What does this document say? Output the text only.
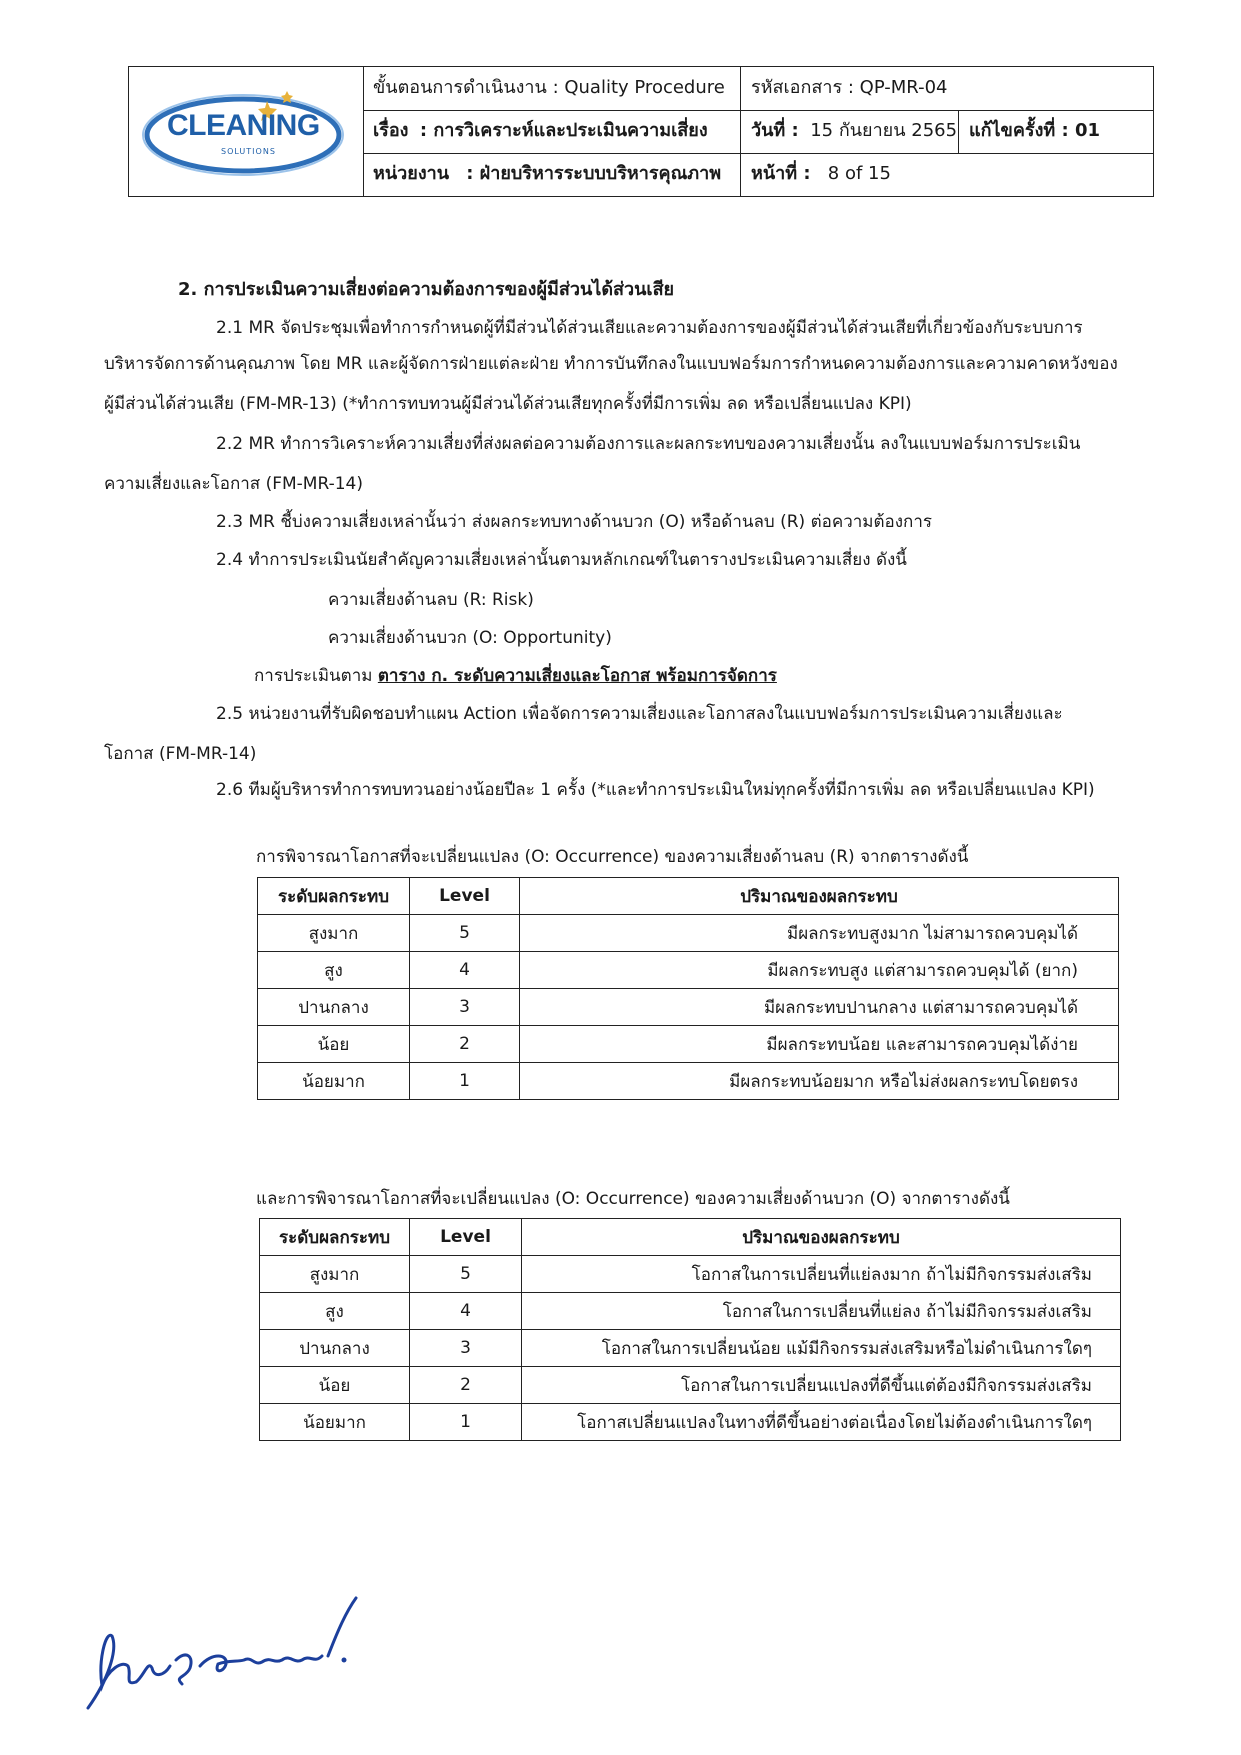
CLEANING
SOLUTIONS
ขั้นตอนการดำเนินงาน : Quality Procedure	รหัสเอกสาร : QP-MR-04
เรื่อง : การวิเคราะห์และประเมินความเสี่ยง	วันที่ : 15 กันยายน 2565 แก้ไขครั้งที่ : 01
หน่วยงาน : ฝ่ายบริหารระบบบริหารคุณภาพ	หน้าที่ : 8 of 15
2. การประเมินความเสี่ยงต่อความต้องการของผู้มีส่วนได้ส่วนเสีย
2.1 MR จัดประชุมเพื่อทำการกำหนดผู้ที่มีส่วนได้ส่วนเสียและความต้องการของผู้มีส่วนได้ส่วนเสียที่เกี่ยวข้องกับระบบการ
บริหารจัดการด้านคุณภาพ โดย MR และผู้จัดการฝ่ายแต่ละฝ่าย ทำการบันทึกลงในแบบฟอร์มการกำหนดความต้องการและความคาดหวังของ
ผู้มีส่วนได้ส่วนเสีย (FM-MR-13) (*ทำการทบทวนผู้มีส่วนได้ส่วนเสียทุกครั้งที่มีการเพิ่ม ลด หรือเปลี่ยนแปลง KPI)
2.2 MR ทำการวิเคราะห์ความเสี่ยงที่ส่งผลต่อความต้องการและผลกระทบของความเสี่ยงนั้น ลงในแบบฟอร์มการประเมิน
ความเสี่ยงและโอกาส (FM-MR-14)
2.3 MR ชี้บ่งความเสี่ยงเหล่านั้นว่า ส่งผลกระทบทางด้านบวก (O) หรือด้านลบ (R) ต่อความต้องการ
2.4 ทำการประเมินนัยสำคัญความเสี่ยงเหล่านั้นตามหลักเกณฑ์ในตารางประเมินความเสี่ยง ดังนี้
ความเสี่ยงด้านลบ (R: Risk)
ความเสี่ยงด้านบวก (O: Opportunity)
การประเมินตาม ตาราง ก. ระดับความเสี่ยงและโอกาส พร้อมการจัดการ
2.5 หน่วยงานที่รับผิดชอบทำแผน Action เพื่อจัดการความเสี่ยงและโอกาสลงในแบบฟอร์มการประเมินความเสี่ยงและ
โอกาส (FM-MR-14)
2.6 ทีมผู้บริหารทำการทบทวนอย่างน้อยปีละ 1 ครั้ง (*และทำการประเมินใหม่ทุกครั้งที่มีการเพิ่ม ลด หรือเปลี่ยนแปลง KPI)
การพิจารณาโอกาสที่จะเปลี่ยนแปลง (O: Occurrence) ของความเสี่ยงด้านลบ (R) จากตารางดังนี้
ระดับผลกระทบ	Level	ปริมาณของผลกระทบ
สูงมาก	5	มีผลกระทบสูงมาก ไม่สามารถควบคุมได้
สูง	4	มีผลกระทบสูง แต่สามารถควบคุมได้ (ยาก)
ปานกลาง	3	มีผลกระทบปานกลาง แต่สามารถควบคุมได้
น้อย	2	มีผลกระทบน้อย และสามารถควบคุมได้ง่าย
น้อยมาก	1	มีผลกระทบน้อยมาก หรือไม่ส่งผลกระทบโดยตรง
และการพิจารณาโอกาสที่จะเปลี่ยนแปลง (O: Occurrence) ของความเสี่ยงด้านบวก (O) จากตารางดังนี้
ระดับผลกระทบ	Level	ปริมาณของผลกระทบ
สูงมาก	5	โอกาสในการเปลี่ยนที่แย่ลงมาก ถ้าไม่มีกิจกรรมส่งเสริม
สูง	4	โอกาสในการเปลี่ยนที่แย่ลง ถ้าไม่มีกิจกรรมส่งเสริม
ปานกลาง	3	โอกาสในการเปลี่ยนน้อย แม้มีกิจกรรมส่งเสริมหรือไม่ดำเนินการใดๆ
น้อย	2	โอกาสในการเปลี่ยนแปลงที่ดีขึ้นแต่ต้องมีกิจกรรมส่งเสริม
น้อยมาก	1	โอกาสเปลี่ยนแปลงในทางที่ดีขึ้นอย่างต่อเนื่องโดยไม่ต้องดำเนินการใดๆ
